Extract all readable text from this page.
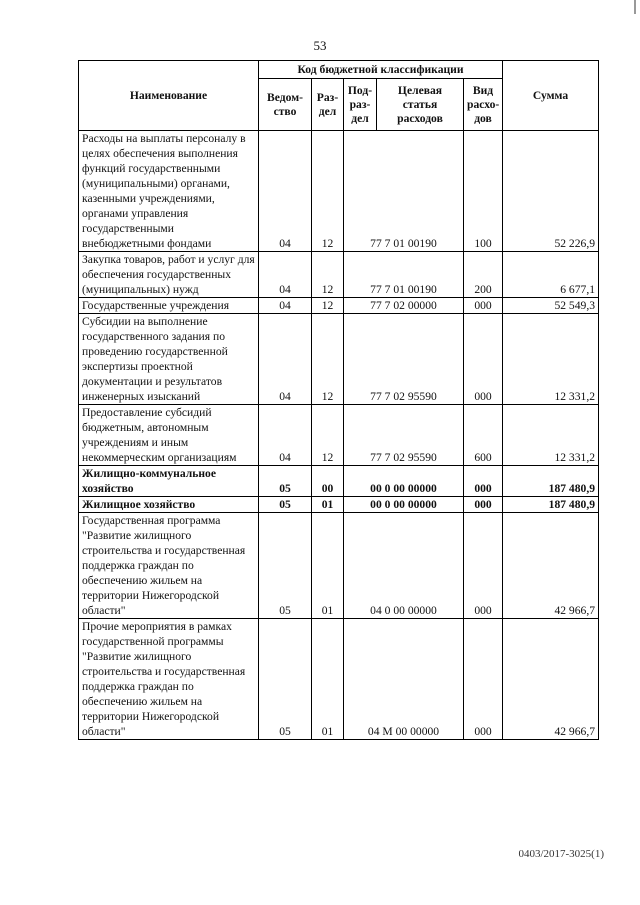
53
Наименование	Код бюджетной классификации					Сумма
	Ведом-ство	Раз-дел	Под-раз-дел	Целевая статья расходов	Вид расхо-дов	
Расходы на выплаты персоналу в целях обеспечения выполнения функций государственными (муниципальными) органами, казенными учреждениями, органами управления государственными внебюджетными фондами	04	12	77 7 01 00190		100	52 226,9
Закупка товаров, работ и услуг для обеспечения государственных (муниципальных) нужд	04	12	77 7 01 00190		200	6 677,1
Государственные учреждения	04	12	77 7 02 00000		000	52 549,3
Субсидии на выполнение государственного задания по проведению государственной экспертизы проектной документации и результатов инженерных изысканий	04	12	77 7 02 95590		000	12 331,2
Предоставление субсидий бюджетным, автономным учреждениям и иным некоммерческим организациям	04	12	77 7 02 95590		600	12 331,2
Жилищно-коммунальное хозяйство	05	00	00 0 00 00000		000	187 480,9
Жилищное хозяйство	05	01	00 0 00 00000		000	187 480,9
Государственная программа "Развитие жилищного строительства и государственная поддержка граждан по обеспечению жильем на территории Нижегородской области"	05	01	04 0 00 00000		000	42 966,7
Прочие мероприятия в рамках государственной программы "Развитие жилищного строительства и государственная поддержка граждан по обеспечению жильем на территории Нижегородской области"	05	01	04 М 00 00000		000	42 966,7
0403/2017-3025(1)
